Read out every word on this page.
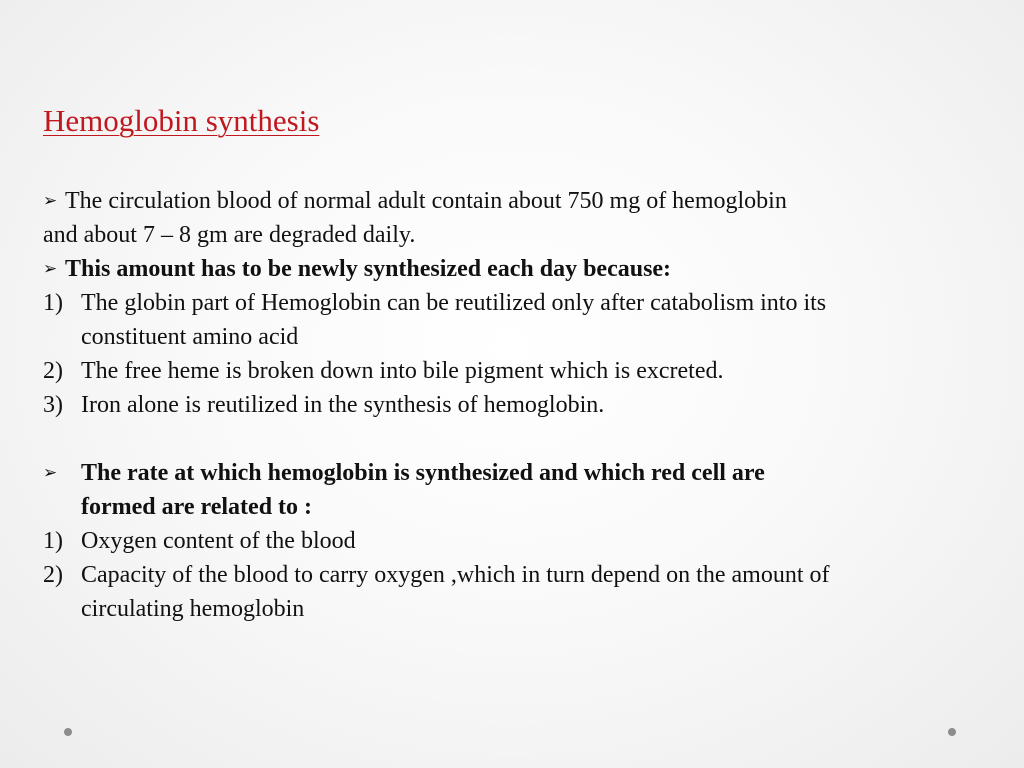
Hemoglobin synthesis
➢ The circulation blood of normal adult contain about 750 mg of hemoglobin
and about 7 – 8 gm are degraded daily.
➢ This amount has to be newly synthesized each day because:
1) The globin part of Hemoglobin can be reutilized only after catabolism into its
constituent amino acid
2) The free heme is broken down into bile pigment which is excreted.
3) Iron alone is reutilized in the synthesis of hemoglobin.
➢ The rate at which hemoglobin is synthesized and which red cell are
formed are related to :
1) Oxygen content of the blood
2) Capacity of the blood to carry oxygen ,which in turn depend on the amount of
circulating hemoglobin
